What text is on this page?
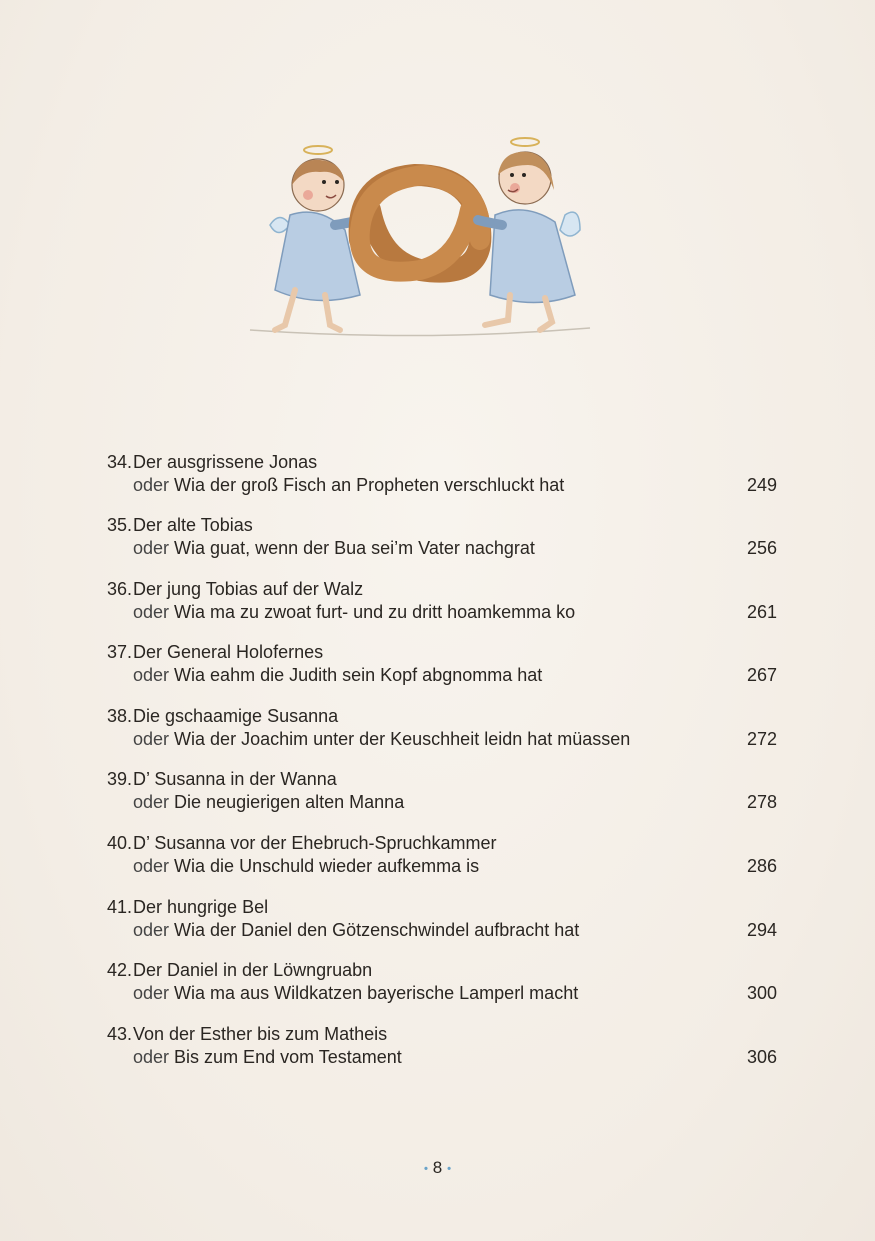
34. Der ausgrissene Jonas
oder Wia der groß Fisch an Propheten verschluckt hat	249
35. Der alte Tobias
oder Wia guat, wenn der Bua sei’m Vater nachgrat	256
36. Der jung Tobias auf der Walz
oder Wia ma zu zwoat furt- und zu dritt hoamkemma ko	261
37. Der General Holofernes
oder Wia eahm die Judith sein Kopf abgnomma hat	267
38. Die gschaamige Susanna
oder Wia der Joachim unter der Keuschheit leidn hat müassen	272
39. D’ Susanna in der Wanna
oder Die neugierigen alten Manna	278
40. D’ Susanna vor der Ehebruch-Spruchkammer
oder Wia die Unschuld wieder aufkemma is	286
41. Der hungrige Bel
oder Wia der Daniel den Götzenschwindel aufbracht hat	294
42. Der Daniel in der Löwngruabn
oder Wia ma aus Wildkatzen bayerische Lamperl macht	300
43. Von der Esther bis zum Matheis
oder Bis zum End vom Testament	306
• 8 •
